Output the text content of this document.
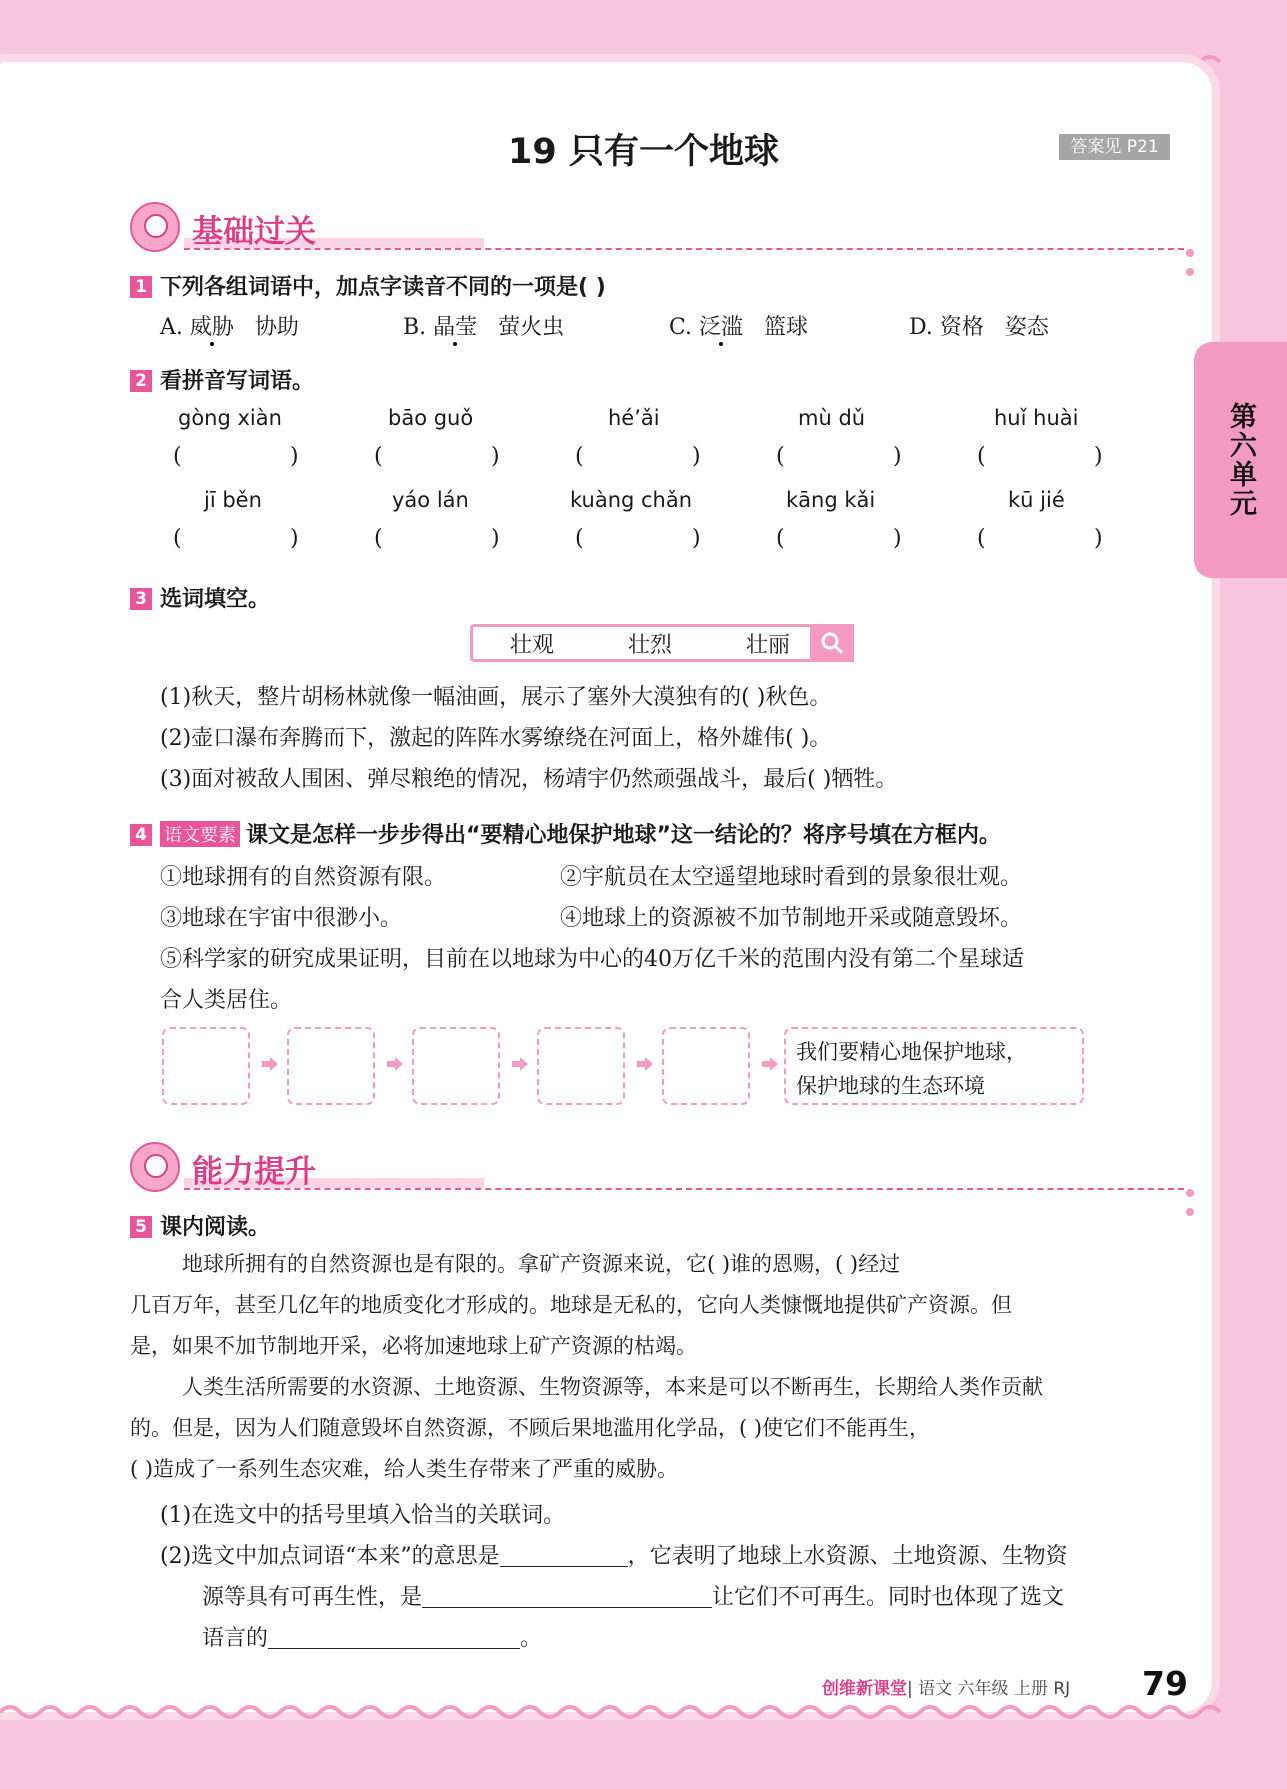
第六单元
19 只有一个地球	答案见 P21
基础过关
1 下列各组词语中，加点字读音不同的一项是( )
A. 威胁 协助	B. 晶莹 萤火虫	C. 泛滥 篮球	D. 资格 姿态
2 看拼音写词语。
gòng xiàn	bāo guǒ	hé’ǎi	mù dǔ	huǐ huài
(	)	(	)	(	)	(	)	(	)
jī běn	yáo lán	kuàng chǎn	kāng kǎi	kū jié
(	)	(	)	(	)	(	)	(	)
3 选词填空。
壮观	壮烈	壮丽
(1)秋天，整片胡杨林就像一幅油画，展示了塞外大漠独有的( )秋色。
(2)壶口瀑布奔腾而下，激起的阵阵水雾缭绕在河面上，格外雄伟( )。
(3)面对被敌人围困、弹尽粮绝的情况，杨靖宇仍然顽强战斗，最后( )牺牲。
4 语文要素 课文是怎样一步步得出“要精心地保护地球”这一结论的？将序号填在方框内。
①地球拥有的自然资源有限。	②宇航员在太空遥望地球时看到的景象很壮观。
③地球在宇宙中很渺小。	④地球上的资源被不加节制地开采或随意毁坏。
⑤科学家的研究成果证明，目前在以地球为中心的40万亿千米的范围内没有第二个星球适
合人类居住。
我们要精心地保护地球，
保护地球的生态环境
能力提升
5 课内阅读。
地球所拥有的自然资源也是有限的。拿矿产资源来说，它( )谁的恩赐，( )经过
几百万年，甚至几亿年的地质变化才形成的。地球是无私的，它向人类慷慨地提供矿产资源。但
是，如果不加节制地开采，必将加速地球上矿产资源的枯竭。
人类生活所需要的水资源、土地资源、生物资源等，本来是可以不断再生，长期给人类作贡献
的。但是，因为人们随意毁坏自然资源，不顾后果地滥用化学品，( )使它们不能再生，
( )造成了一系列生态灾难，给人类生存带来了严重的威胁。
(1)在选文中的括号里填入恰当的关联词。
(2)选文中加点词语“本来”的意思是	，它表明了地球上水资源、土地资源、生物资
源等具有可再生性，是	让它们不可再生。同时也体现了选文
语言的	。
创维新课堂| 语文 六年级 上册 RJ 79
